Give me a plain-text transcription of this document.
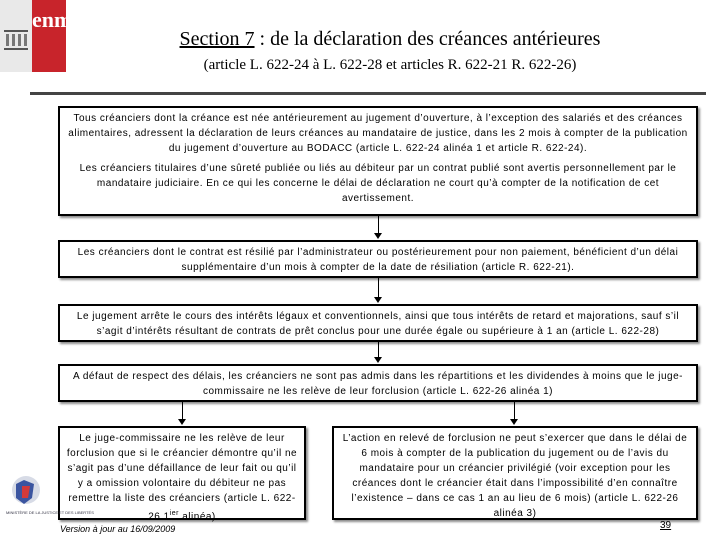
enm
Section 7 : de la déclaration des créances antérieures
(article L. 622-24 à L. 622-28 et articles R. 622-21 R. 622-26)

Tous créanciers dont la créance est née antérieurement au jugement d’ouverture, à l’exception des salariés et des créances alimentaires, adressent la déclaration de leurs créances au mandataire de justice, dans les 2 mois à compter de la publication du jugement d’ouverture au BODACC (article L. 622-24 alinéa 1 et article R. 622-24).

Les créanciers titulaires d’une sûreté publiée ou liés au débiteur par un contrat publié sont avertis personnellement par le mandataire judiciaire. En ce qui les concerne le délai de déclaration ne court qu’à compter de la notification de cet avertissement.

Les créanciers dont le contrat est résilié par l’administrateur ou postérieurement pour non paiement, bénéficient d’un délai supplémentaire d’un mois à compter de la date de résiliation (article R. 622-21).

Le jugement arrête le cours des intérêts légaux et conventionnels, ainsi que tous intérêts de retard et majorations, sauf s’il s’agit d’intérêts résultant de contrats de prêt conclus pour une durée égale ou supérieure à 1 an (article L. 622-28)

A défaut de respect des délais, les créanciers ne sont pas admis dans les répartitions et les dividendes à moins que le juge-commissaire ne les relève de leur forclusion (article L. 622-26 alinéa 1)

Le juge-commissaire ne les relève de leur forclusion que si le créancier démontre qu’il ne s’agit pas d’une défaillance de leur fait ou qu’il y a omission volontaire du débiteur ne pas remettre la liste des créanciers (article L. 622-26 $1^{ier}$ alinéa)

L’action en relevé de forclusion ne peut s’exercer que dans le délai de 6 mois à compter de la publication du jugement ou de l’avis du mandataire pour un créancier privilégié (voir exception pour les créances dont le créancier était dans l’impossibilité d’en connaître l’existence – dans ce cas 1 an au lieu de 6 mois) (article L. 622-26 alinéa 3)

MINISTÈRE DE LA JUSTICE ET DES LIBERTÉS
Version à jour au 16/09/2009	39
